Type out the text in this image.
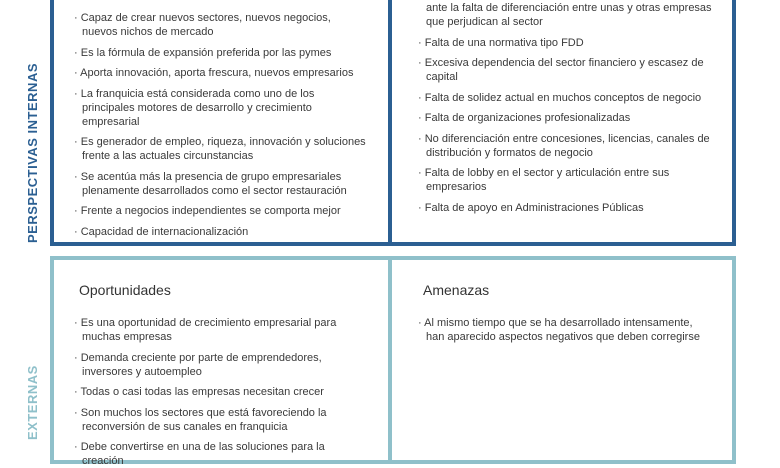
PERSPECTIVAS INTERNAS
EXTERNAS
· Capaz de crear nuevos sectores, nuevos negocios, nuevos nichos de mercado
· Es la fórmula de expansión preferida por las pymes
· Aporta innovación, aporta frescura, nuevos empresarios
· La franquicia está considerada como uno de los principales motores de desarrollo y crecimiento empresarial
· Es generador de empleo, riqueza, innovación y soluciones frente a las actuales circunstancias
· Se acentúa más la presencia de grupo empresariales plenamente desarrollados como el sector restauración
· Frente a negocios independientes se comporta mejor
· Capacidad de internacionalización
ante la falta de diferenciación entre unas y otras empresas que perjudican al sector
· Falta de una normativa tipo FDD
· Excesiva dependencia del sector financiero y escasez de capital
· Falta de solidez actual en muchos conceptos de negocio
· Falta de organizaciones profesionalizadas
· No diferenciación entre concesiones, licencias, canales de distribución y formatos de negocio
· Falta de lobby en el sector y articulación entre sus empresarios
· Falta de apoyo en Administraciones Públicas
Oportunidades
· Es una oportunidad de crecimiento empresarial para muchas empresas
· Demanda creciente por parte de emprendedores, inversores y autoempleo
· Todas o casi todas las empresas necesitan crecer
· Son muchos los sectores que está favoreciendo la reconversión de sus canales en franquicia
· Debe convertirse en una de las soluciones para la creación
Amenazas
· Al mismo tiempo que se ha desarrollado intensamente, han aparecido aspectos negativos que deben corregirse
